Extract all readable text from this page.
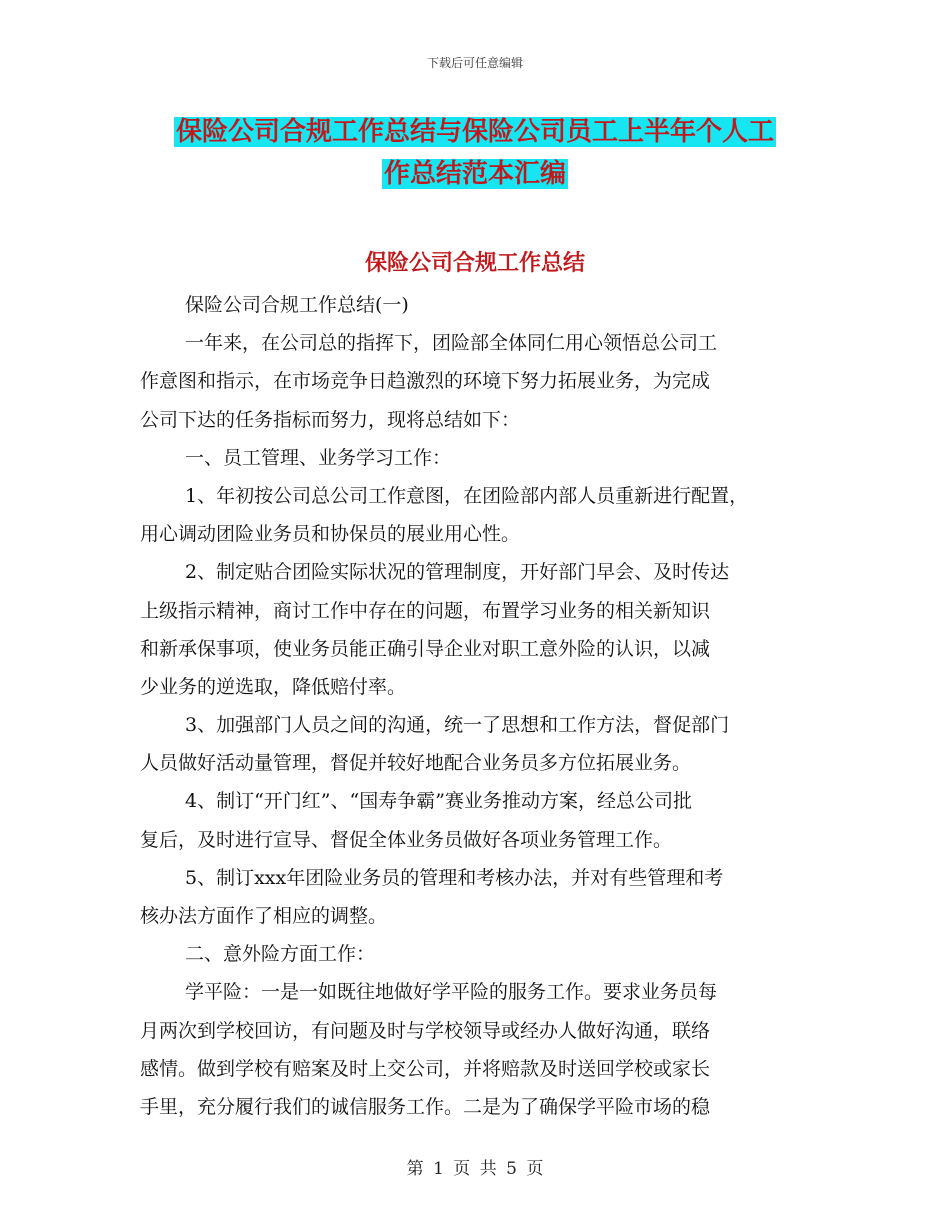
下载后可任意编辑
保险公司合规工作总结与保险公司员工上半年个人工
作总结范本汇编
保险公司合规工作总结
保险公司合规工作总结(一)
一年来，在公司总的指挥下，团险部全体同仁用心领悟总公司工
作意图和指示，在市场竞争日趋激烈的环境下努力拓展业务，为完成
公司下达的任务指标而努力，现将总结如下：
一、员工管理、业务学习工作：
1、年初按公司总公司工作意图，在团险部内部人员重新进行配置，
用心调动团险业务员和协保员的展业用心性。
2、制定贴合团险实际状况的管理制度，开好部门早会、及时传达
上级指示精神，商讨工作中存在的问题，布置学习业务的相关新知识
和新承保事项，使业务员能正确引导企业对职工意外险的认识，以减
少业务的逆选取，降低赔付率。
3、加强部门人员之间的沟通，统一了思想和工作方法，督促部门
人员做好活动量管理，督促并较好地配合业务员多方位拓展业务。
4、制订“开门红”、“国寿争霸”赛业务推动方案，经总公司批
复后，及时进行宣导、督促全体业务员做好各项业务管理工作。
5、制订xxx年团险业务员的管理和考核办法，并对有些管理和考
核办法方面作了相应的调整。
二、意外险方面工作：
学平险：一是一如既往地做好学平险的服务工作。要求业务员每
月两次到学校回访，有问题及时与学校领导或经办人做好沟通，联络
感情。做到学校有赔案及时上交公司，并将赔款及时送回学校或家长
手里，充分履行我们的诚信服务工作。二是为了确保学平险市场的稳
第 1 页 共 5 页
